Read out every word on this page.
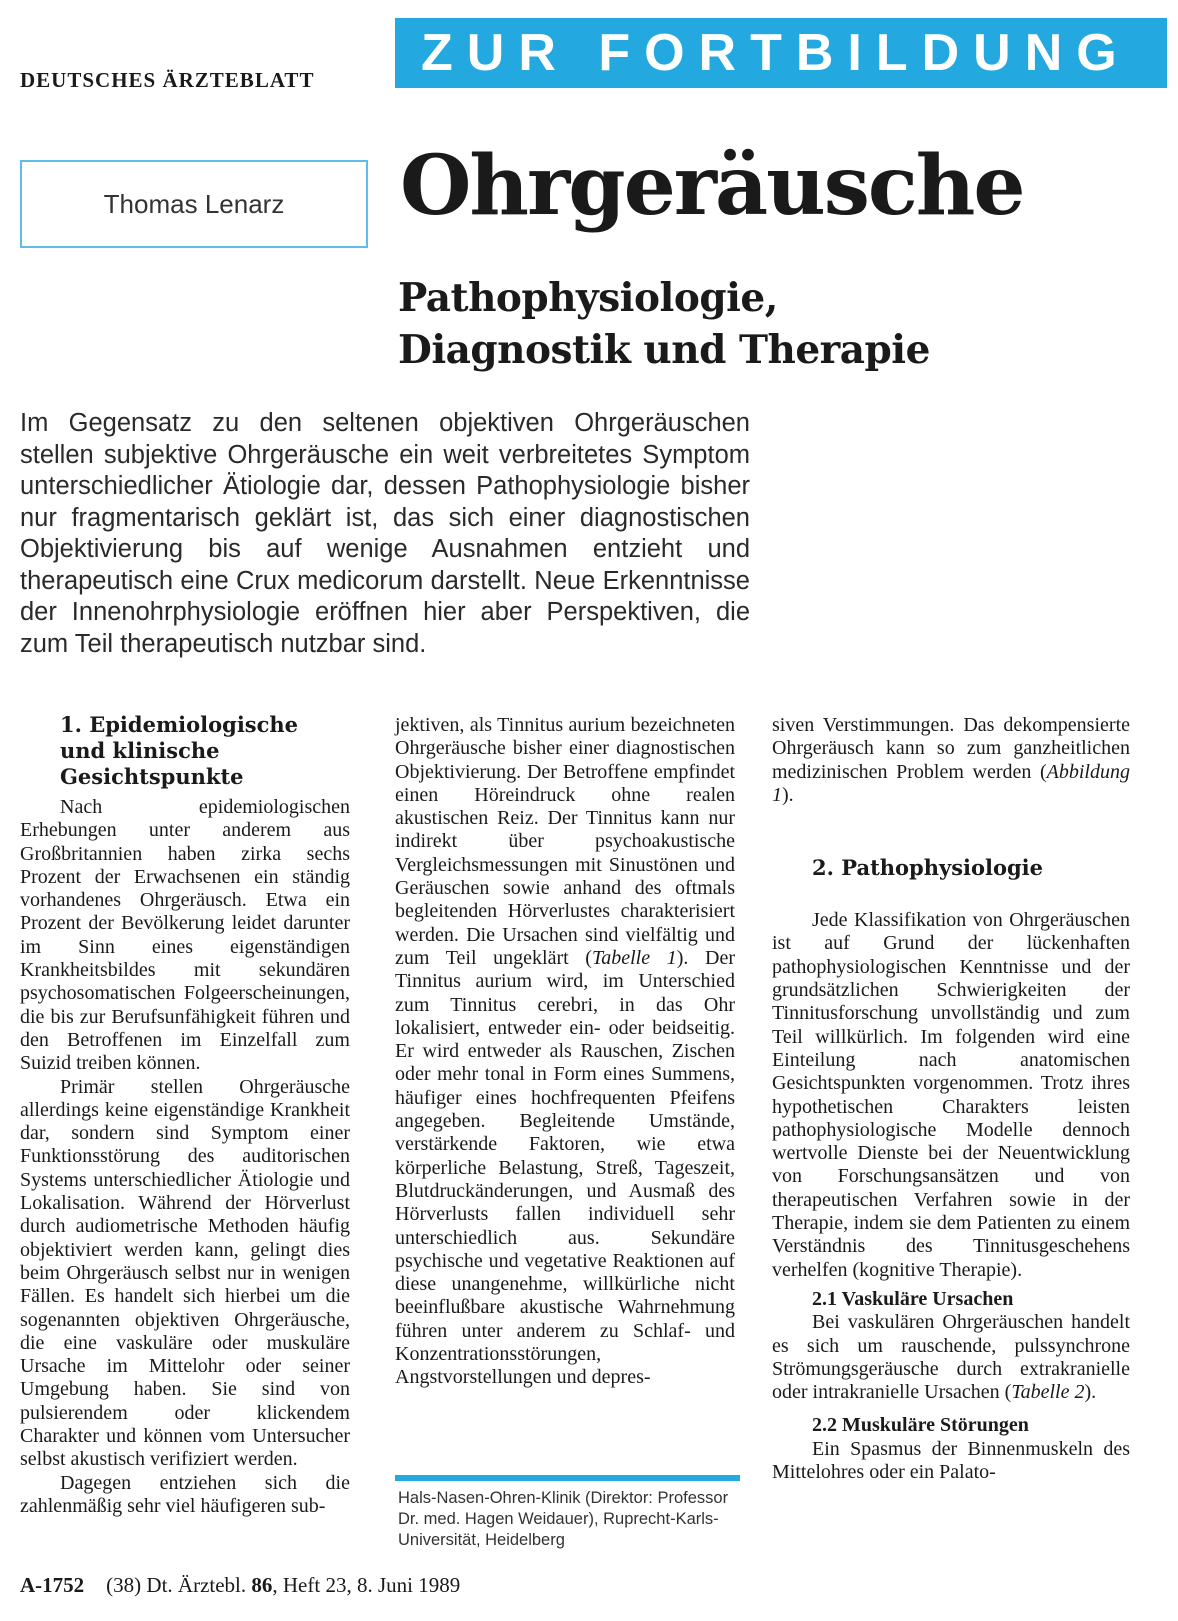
DEUTSCHES ÄRZTEBLATT	ZUR FORTBILDUNG
Thomas Lenarz Ohrgeräusche
Pathophysiologie,
Diagnostik und Therapie
Im Gegensatz zu den seltenen objektiven Ohrgeräuschen stellen subjektive Ohrgeräusche ein weit verbreitetes Symptom unterschiedlicher Ätiologie dar, dessen Pathophysiologie bisher nur fragmentarisch geklärt ist, das sich einer diagnostischen Objektivierung bis auf wenige Ausnahmen entzieht und therapeutisch eine Crux medicorum darstellt. Neue Erkenntnisse der Innenohrphysiologie eröffnen hier aber Perspektiven, die zum Teil therapeutisch nutzbar sind.
1. Epidemiologische
und klinische
Gesichtspunkte

Nach epidemiologischen Erhebungen unter anderem aus Großbritannien haben zirka sechs Prozent der Erwachsenen ein ständig vorhandenes Ohrgeräusch. Etwa ein Prozent der Bevölkerung leidet darunter im Sinn eines eigenständigen Krankheitsbildes mit sekundären psychosomatischen Folgeerscheinungen, die bis zur Berufsunfähigkeit führen und den Betroffenen im Einzelfall zum Suizid treiben können.

Primär stellen Ohrgeräusche allerdings keine eigenständige Krankheit dar, sondern sind Symptom einer Funktionsstörung des auditorischen Systems unterschiedlicher Ätiologie und Lokalisation. Während der Hörverlust durch audiometrische Methoden häufig objektiviert werden kann, gelingt dies beim Ohrgeräusch selbst nur in wenigen Fällen. Es handelt sich hierbei um die sogenannten objektiven Ohrgeräusche, die eine vaskuläre oder muskuläre Ursache im Mittelohr oder seiner Umgebung haben. Sie sind von pulsierendem oder klickendem Charakter und können vom Untersucher selbst akustisch verifiziert werden.

Dagegen entziehen sich die zahlenmäßig sehr viel häufigeren sub-

jektiven, als Tinnitus aurium bezeichneten Ohrgeräusche bisher einer diagnostischen Objektivierung. Der Betroffene empfindet einen Höreindruck ohne realen akustischen Reiz. Der Tinnitus kann nur indirekt über psychoakustische Vergleichsmessungen mit Sinustönen und Geräuschen sowie anhand des oftmals begleitenden Hörverlustes charakterisiert werden. Die Ursachen sind vielfältig und zum Teil ungeklärt (Tabelle 1). Der Tinnitus aurium wird, im Unterschied zum Tinnitus cerebri, in das Ohr lokalisiert, entweder ein- oder beidseitig. Er wird entweder als Rauschen, Zischen oder mehr tonal in Form eines Summens, häufiger eines hochfrequenten Pfeifens angegeben. Begleitende Umstände, verstärkende Faktoren, wie etwa körperliche Belastung, Streß, Tageszeit, Blutdruckänderungen, und Ausmaß des Hörverlusts fallen individuell sehr unterschiedlich aus. Sekundäre psychische und vegetative Reaktionen auf diese unangenehme, willkürliche nicht beeinflußbare akustische Wahrnehmung führen unter anderem zu Schlaf- und Konzentrationsstörungen, Angstvorstellungen und depres-

Hals-Nasen-Ohren-Klinik (Direktor: Professor Dr. med. Hagen Weidauer), Ruprecht-Karls-Universität, Heidelberg

siven Verstimmungen. Das dekompensierte Ohrgeräusch kann so zum ganzheitlichen medizinischen Problem werden (Abbildung 1).

2. Pathophysiologie

Jede Klassifikation von Ohrgeräuschen ist auf Grund der lückenhaften pathophysiologischen Kenntnisse und der grundsätzlichen Schwierigkeiten der Tinnitusforschung unvollständig und zum Teil willkürlich. Im folgenden wird eine Einteilung nach anatomischen Gesichtspunkten vorgenommen. Trotz ihres hypothetischen Charakters leisten pathophysiologische Modelle dennoch wertvolle Dienste bei der Neuentwicklung von Forschungsansätzen und von therapeutischen Verfahren sowie in der Therapie, indem sie dem Patienten zu einem Verständnis des Tinnitusgeschehens verhelfen (kognitive Therapie).

2.1 Vaskuläre Ursachen

Bei vaskulären Ohrgeräuschen handelt es sich um rauschende, pulssynchrone Strömungsgeräusche durch extrakranielle oder intrakranielle Ursachen (Tabelle 2).

2.2 Muskuläre Störungen

Ein Spasmus der Binnenmuskeln des Mittelohres oder ein Palato-

A-1752 (38) Dt. Ärztebl. 86, Heft 23, 8. Juni 1989
